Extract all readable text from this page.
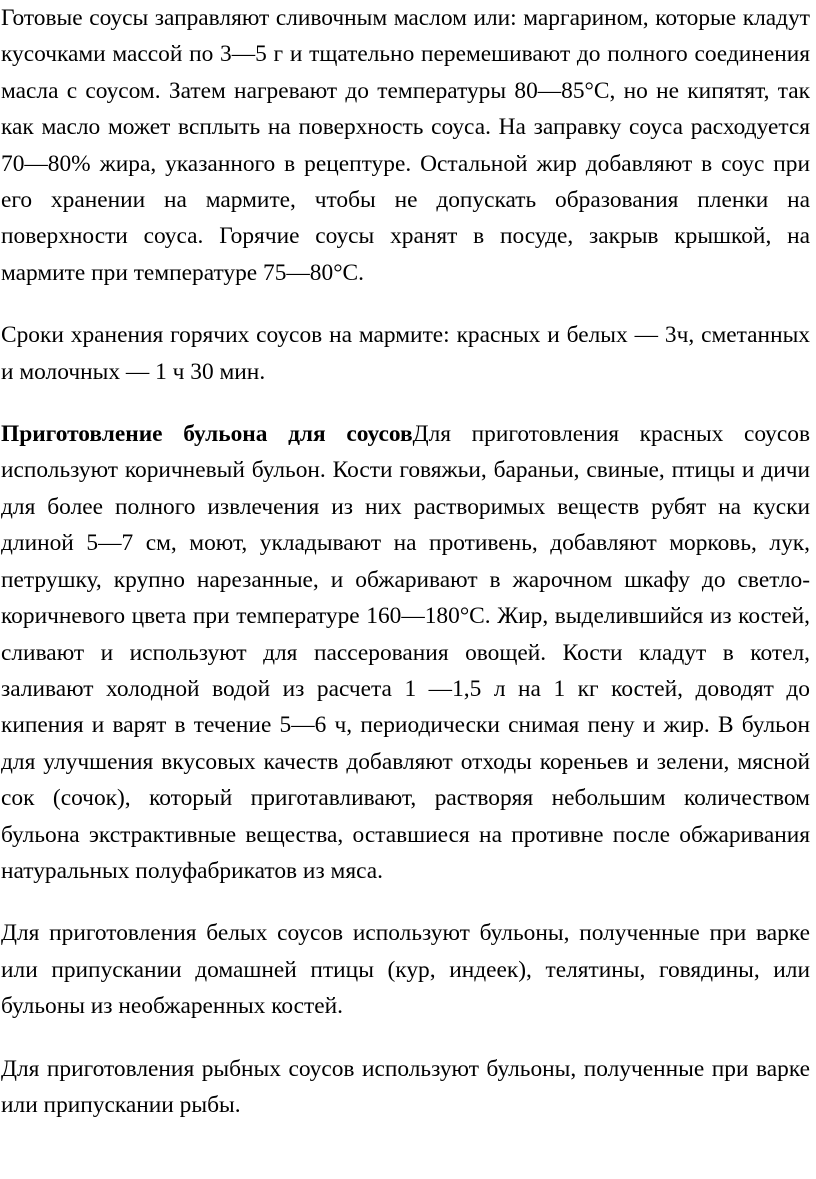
Готовые соусы заправляют сливочным маслом или: маргарином, которые кладут кусочками массой по 3—5 г и тщательно перемешивают до полного соединения масла с соусом. Затем нагревают до температуры 80—85°С, но не кипятят, так как масло может всплыть на поверхность соуса. На заправку соуса расходуется 70—80% жира, указанного в рецептуре. Остальной жир добавляют в соус при его хранении на мармите, чтобы не допускать образования пленки на поверхности соуса. Горячие соусы хранят в посуде, закрыв крышкой, на мармите при температуре 75—80°С.

Сроки хранения горячих соусов на мармите: красных и белых — 3ч, сметанных и молочных — 1 ч 30 мин.

Приготовление бульона для соусовДля приготовления красных соусов используют коричневый бульон. Кости говяжьи, бараньи, свиные, птицы и дичи для более полного извлечения из них растворимых веществ рубят на куски длиной 5—7 см, моют, укладывают на противень, добавляют морковь, лук, петрушку, крупно нарезанные, и обжаривают в жарочном шкафу до светло-коричневого цвета при температуре 160—180°С. Жир, выделившийся из костей, сливают и используют для пассерования овощей. Кости кладут в котел, заливают холодной водой из расчета 1 —1,5 л на 1 кг костей, доводят до кипения и варят в течение 5—6 ч, периодически снимая пену и жир. В бульон для улучшения вкусовых качеств добавляют отходы кореньев и зелени, мясной сок (сочок), который приготавливают, растворяя небольшим количеством бульона экстрактивные вещества, оставшиеся на противне после обжаривания натуральных полуфабрикатов из мяса.

Для приготовления белых соусов используют бульоны, полученные при варке или припускании домашней птицы (кур, индеек), телятины, говядины, или бульоны из необжаренных костей.

Для приготовления рыбных соусов используют бульоны, полученные при варке или припускании рыбы.
